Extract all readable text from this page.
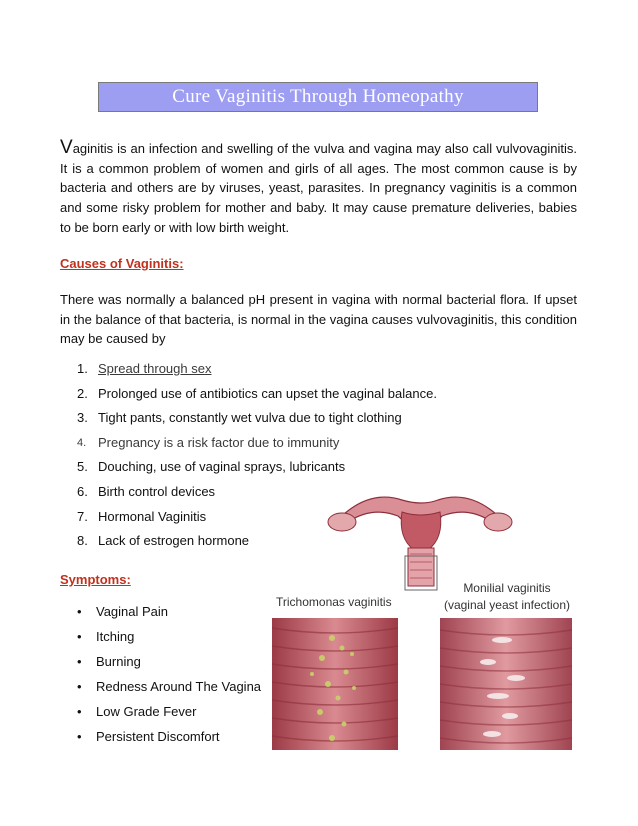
Cure Vaginitis Through Homeopathy

Vaginitis is an infection and swelling of the vulva and vagina may also call vulvovaginitis. It is a common problem of women and girls of all ages. The most common cause is by bacteria and others are by viruses, yeast, parasites. In pregnancy vaginitis is a common and some risky problem for mother and baby. It may cause premature deliveries, babies to be born early or with low birth weight.

Causes of Vaginitis:

There was normally a balanced pH present in vagina with normal bacterial flora. If upset in the balance of that bacteria, is normal in the vagina causes vulvovaginitis, this condition may be caused by

1. Spread through sex
2. Prolonged use of antibiotics can upset the vaginal balance.
3. Tight pants, constantly wet vulva due to tight clothing
4. Pregnancy is a risk factor due to immunity
5. Douching, use of vaginal sprays, lubricants
6. Birth control devices
7. Hormonal Vaginitis
8. Lack of estrogen hormone

Symptoms:

• Vaginal Pain
• Itching
• Burning
• Redness Around The Vagina
• Low Grade Fever
• Persistent Discomfort
Trichomonas vaginitis
Monilial vaginitis
(vaginal yeast infection)
